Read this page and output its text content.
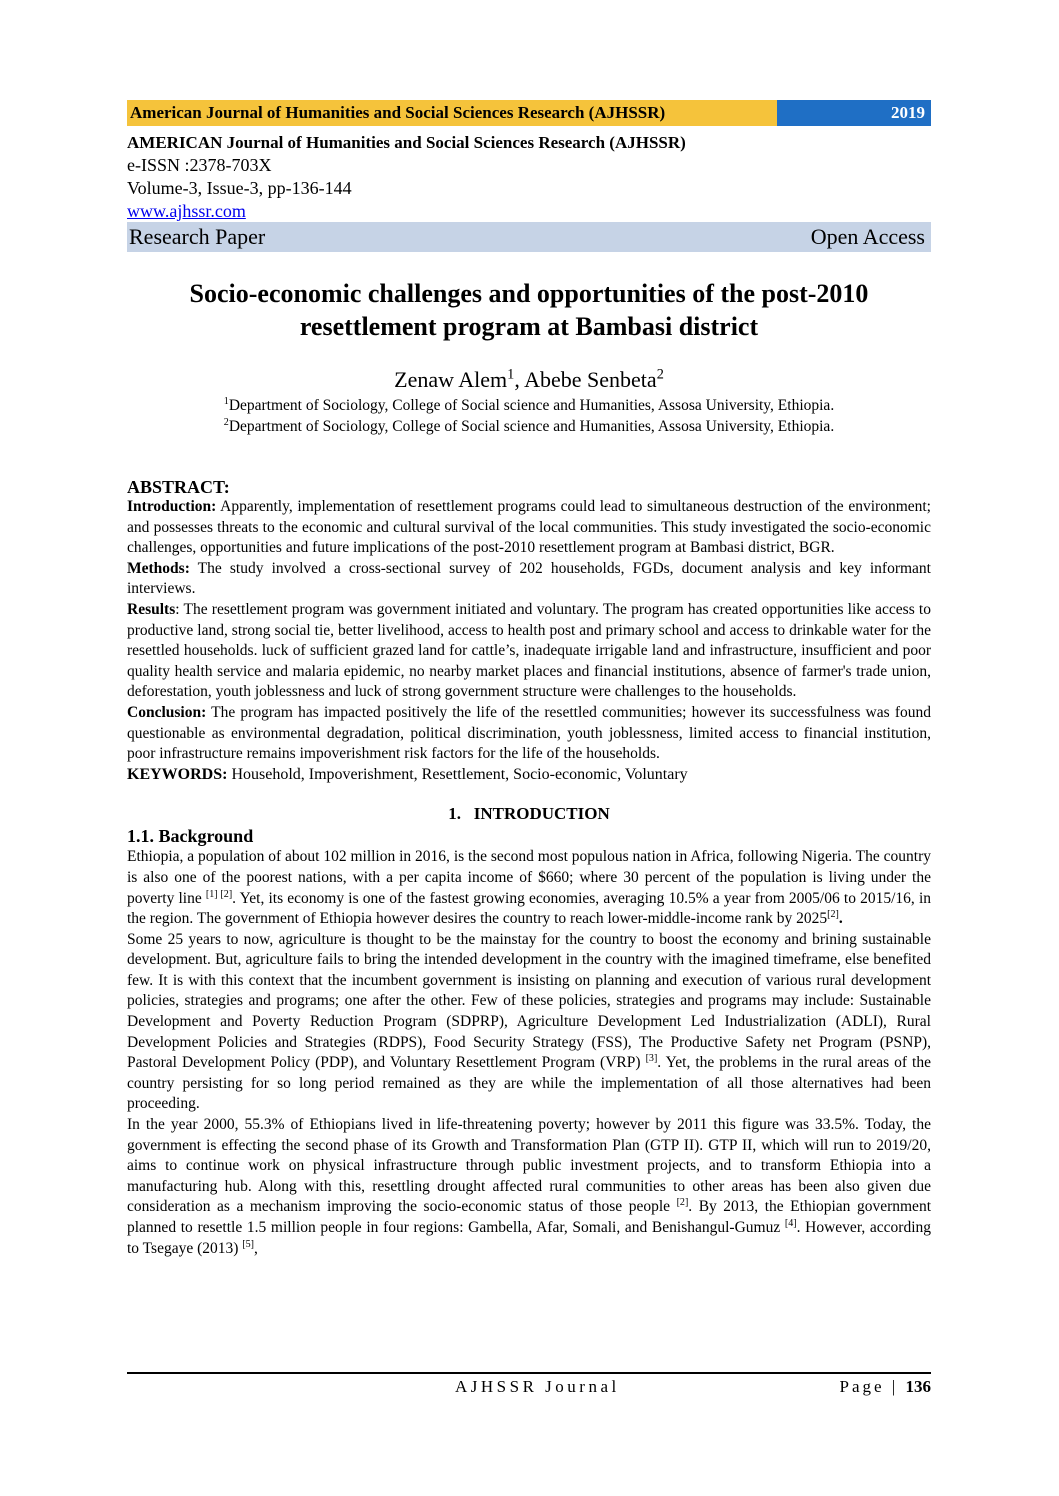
American Journal of Humanities and Social Sciences Research (AJHSSR)	2019
AMERICAN Journal of Humanities and Social Sciences Research (AJHSSR)
e-ISSN :2378-703X
Volume-3, Issue-3, pp-136-144
www.ajhssr.com
Research Paper	Open Access
Socio-economic challenges and opportunities of the post-2010
resettlement program at Bambasi district
Zenaw Alem$^1$, Abebe Senbeta$^2$
$^1$Department of Sociology, College of Social science and Humanities, Assosa University, Ethiopia.
$^2$Department of Sociology, College of Social science and Humanities, Assosa University, Ethiopia.
ABSTRACT:
Introduction: Apparently, implementation of resettlement programs could lead to simultaneous destruction of the environment; and possesses threats to the economic and cultural survival of the local communities. This study investigated the socio-economic challenges, opportunities and future implications of the post-2010 resettlement program at Bambasi district, BGR.
Methods: The study involved a cross-sectional survey of 202 households, FGDs, document analysis and key informant interviews.
Results: The resettlement program was government initiated and voluntary. The program has created opportunities like access to productive land, strong social tie, better livelihood, access to health post and primary school and access to drinkable water for the resettled households. luck of sufficient grazed land for cattle’s, inadequate irrigable land and infrastructure, insufficient and poor quality health service and malaria epidemic, no nearby market places and financial institutions, absence of farmer's trade union, deforestation, youth joblessness and luck of strong government structure were challenges to the households.
Conclusion: The program has impacted positively the life of the resettled communities; however its successfulness was found questionable as environmental degradation, political discrimination, youth joblessness, limited access to financial institution, poor infrastructure remains impoverishment risk factors for the life of the households.
KEYWORDS: Household, Impoverishment, Resettlement, Socio-economic, Voluntary
1.   INTRODUCTION
1.1. Background
Ethiopia, a population of about 102 million in 2016, is the second most populous nation in Africa, following Nigeria. The country is also one of the poorest nations, with a per capita income of $660; where 30 percent of the population is living under the poverty line [1] [2]. Yet, its economy is one of the fastest growing economies, averaging 10.5% a year from 2005/06 to 2015/16, in the region. The government of Ethiopia however desires the country to reach lower-middle-income rank by 2025[2].
Some 25 years to now, agriculture is thought to be the mainstay for the country to boost the economy and brining sustainable development. But, agriculture fails to bring the intended development in the country with the imagined timeframe, else benefited few. It is with this context that the incumbent government is insisting on planning and execution of various rural development policies, strategies and programs; one after the other. Few of these policies, strategies and programs may include: Sustainable Development and Poverty Reduction Program (SDPRP), Agriculture Development Led Industrialization (ADLI), Rural Development Policies and Strategies (RDPS), Food Security Strategy (FSS), The Productive Safety net Program (PSNP), Pastoral Development Policy (PDP), and Voluntary Resettlement Program (VRP) [3]. Yet, the problems in the rural areas of the country persisting for so long period remained as they are while the implementation of all those alternatives had been proceeding.
In the year 2000, 55.3% of Ethiopians lived in life-threatening poverty; however by 2011 this figure was 33.5%. Today, the government is effecting the second phase of its Growth and Transformation Plan (GTP II). GTP II, which will run to 2019/20, aims to continue work on physical infrastructure through public investment projects, and to transform Ethiopia into a manufacturing hub. Along with this, resettling drought affected rural communities to other areas has been also given due consideration as a mechanism improving the socio-economic status of those people [2]. By 2013, the Ethiopian government planned to resettle 1.5 million people in four regions: Gambella, Afar, Somali, and Benishangul-Gumuz [4]. However, according to Tsegaye (2013) [5],
AJHSSR Journal	Page | 136
